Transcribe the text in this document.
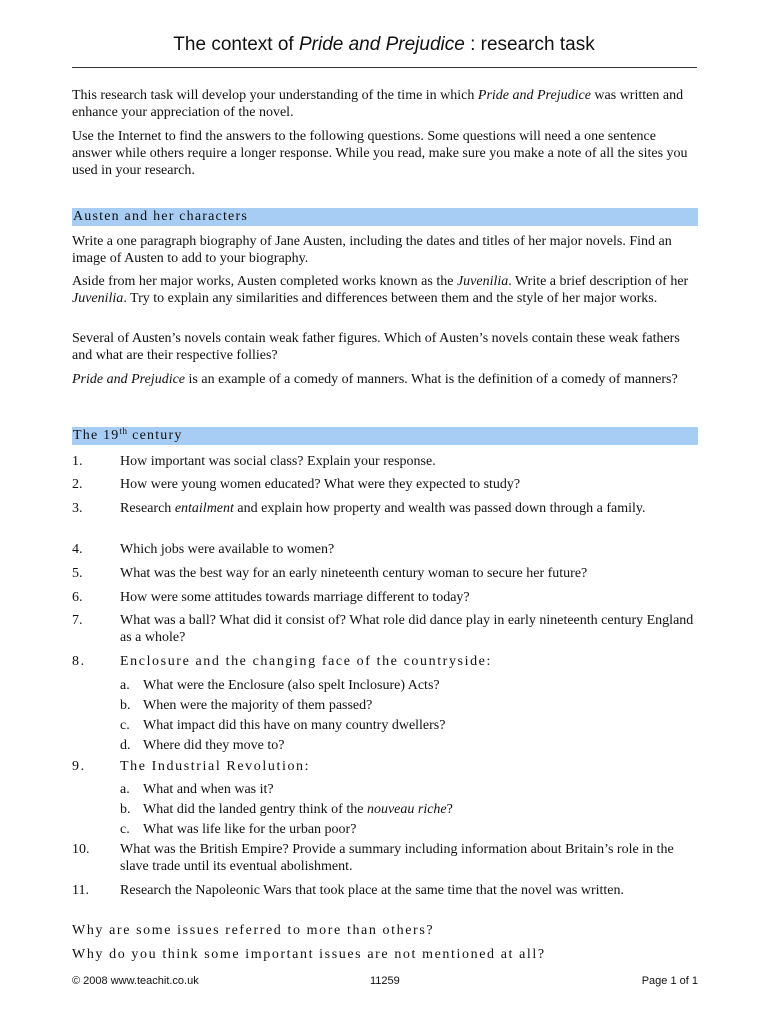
The context of Pride and Prejudice : research task
This research task will develop your understanding of the time in which Pride and Prejudice was written and enhance your appreciation of the novel.
Use the Internet to find the answers to the following questions. Some questions will need a one sentence answer while others require a longer response. While you read, make sure you make a note of all the sites you used in your research.
Austen and her characters
Write a one paragraph biography of Jane Austen, including the dates and titles of her major novels. Find an image of Austen to add to your biography.
Aside from her major works, Austen completed works known as the Juvenilia. Write a brief description of her Juvenilia. Try to explain any similarities and differences between them and the style of her major works.
Several of Austen’s novels contain weak father figures. Which of Austen’s novels contain these weak fathers and what are their respective follies?
Pride and Prejudice is an example of a comedy of manners. What is the definition of a comedy of manners?
The 19th century
1.	How important was social class? Explain your response.
2.	How were young women educated? What were they expected to study?
3.	Research entailment and explain how property and wealth was passed down through a family.
4.	Which jobs were available to women?
5.	What was the best way for an early nineteenth century woman to secure her future?
6.	How were some attitudes towards marriage different to today?
7.	What was a ball? What did it consist of? What role did dance play in early nineteenth century England as a whole?
8.	Enclosure and the changing face of the countryside:
a. What were the Enclosure (also spelt Inclosure) Acts?
b. When were the majority of them passed?
c. What impact did this have on many country dwellers?
d. Where did they move to?
9.	The Industrial Revolution:
a. What and when was it?
b. What did the landed gentry think of the nouveau riche?
c. What was life like for the urban poor?
10.	What was the British Empire? Provide a summary including information about Britain’s role in the slave trade until its eventual abolishment.
11.	Research the Napoleonic Wars that took place at the same time that the novel was written.
Why are some issues referred to more than others?
Why do you think some important issues are not mentioned at all?
© 2008 www.teachit.co.uk	11259	Page 1 of 1
